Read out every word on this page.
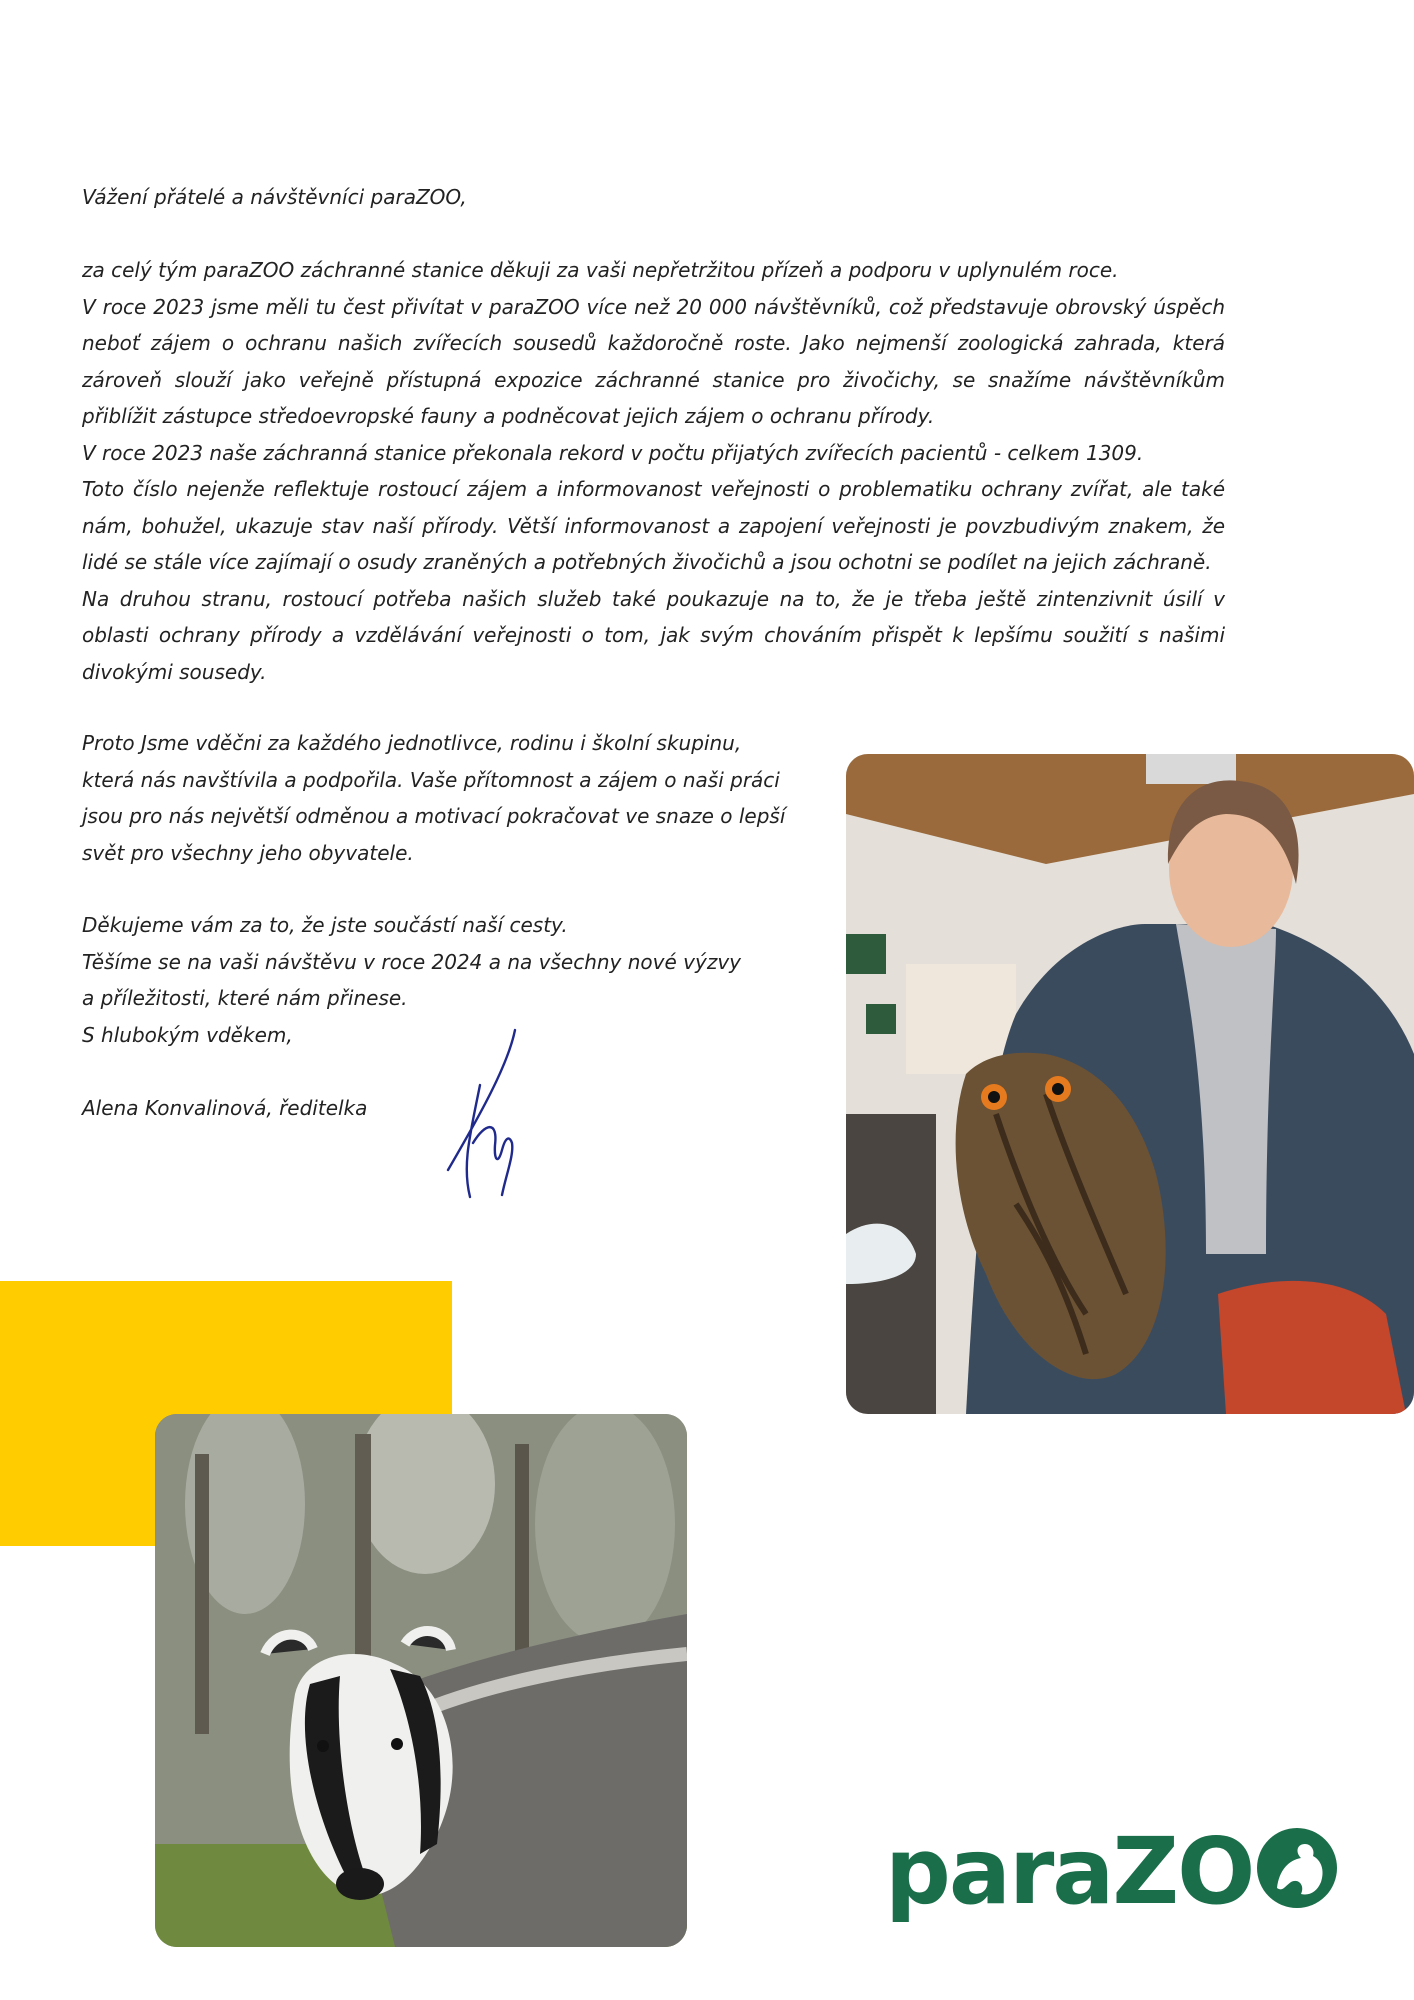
Vážení přátelé a návštěvníci paraZOO,

za celý tým paraZOO záchranné stanice děkuji za vaši nepřetržitou přízeň a podporu v uplynulém roce.

V roce 2023 jsme měli tu čest přivítat v paraZOO více než 20 000 návštěvníků, což představuje obrovský úspěch neboť zájem o ochranu našich zvířecích sousedů každoročně roste. Jako nejmenší zoologická zahrada, která zároveň slouží jako veřejně přístupná expozice záchranné stanice pro živočichy, se snažíme návštěvníkům přiblížit zástupce středoevropské fauny a podněcovat jejich zájem o ochranu přírody.

V roce 2023 naše záchranná stanice překonala rekord v počtu přijatých zvířecích pacientů - celkem 1309.

Toto číslo nejenže reflektuje rostoucí zájem a informovanost veřejnosti o problematiku ochrany zvířat, ale také nám, bohužel, ukazuje stav naší přírody. Větší informovanost a zapojení veřejnosti je povzbudivým znakem, že lidé se stále více zajímají o osudy zraněných a potřebných živočichů a jsou ochotni se podílet na jejich záchraně.

Na druhou stranu, rostoucí potřeba našich služeb také poukazuje na to, že je třeba ještě zintenzivnit úsilí v oblasti ochrany přírody a vzdělávání veřejnosti o tom, jak svým chováním přispět k lepšímu soužití s našimi divokými sousedy.

Proto Jsme vděčni za každého jednotlivce, rodinu i školní skupinu,
která nás navštívila a podpořila. Vaše přítomnost a zájem o naši práci
jsou pro nás největší odměnou a motivací pokračovat ve snaze o lepší
svět pro všechny jeho obyvatele.
Děkujeme vám za to, že jste součástí naší cesty.
Těšíme se na vaši návštěvu v roce 2024 a na všechny nové výzvy
a příležitosti, které nám přinese.
S hlubokým vděkem,
Alena Konvalinová, ředitelka
paraZO
